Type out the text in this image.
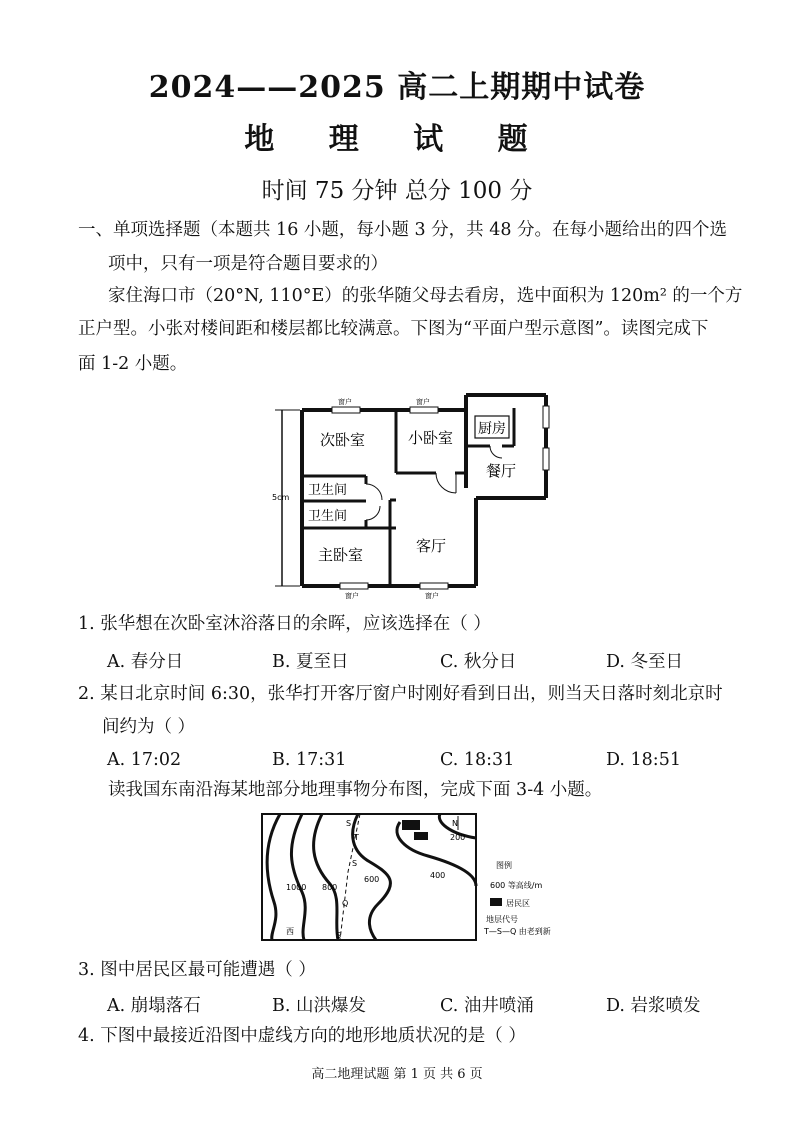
2024——2025 高二上期期中试卷
地 理 试 题
时间 75 分钟 总分 100 分
一、单项选择题（本题共 16 小题，每小题 3 分，共 48 分。在每小题给出的四个选
项中，只有一项是符合题目要求的）
家住海口市（20°N, 110°E）的张华随父母去看房，选中面积为 120m² 的一个方
正户型。小张对楼间距和楼层都比较满意。下图为“平面户型示意图”。读图完成下
面 1-2 小题。
5cm
窗户	窗户
窗户	窗户
次卧室	小卧室 厨房
餐厅
卫生间
卫生间
主卧室	客厅
1. 张华想在次卧室沐浴落日的余晖，应该选择在（ ）
A. 春分日	B. 夏至日	C. 秋分日	D. 冬至日
2. 某日北京时间 6:30，张华打开客厅窗户时刚好看到日出，则当天日落时刻北京时
间约为（ ）
A. 17:02	B. 17:31	C. 18:31	D. 18:51
读我国东南沿海某地部分地理事物分布图，完成下面 3-4 小题。
N
200
400
600
800
1000
S
T
S
Q
S
西
图例
600 等高线/m
居民区
地层代号
T—S—Q 由老到新
3. 图中居民区最可能遭遇（ ）
A. 崩塌落石	B. 山洪爆发	C. 油井喷涌	D. 岩浆喷发
4. 下图中最接近沿图中虚线方向的地形地质状况的是（ ）
高二地理试题 第 1 页 共 6 页
